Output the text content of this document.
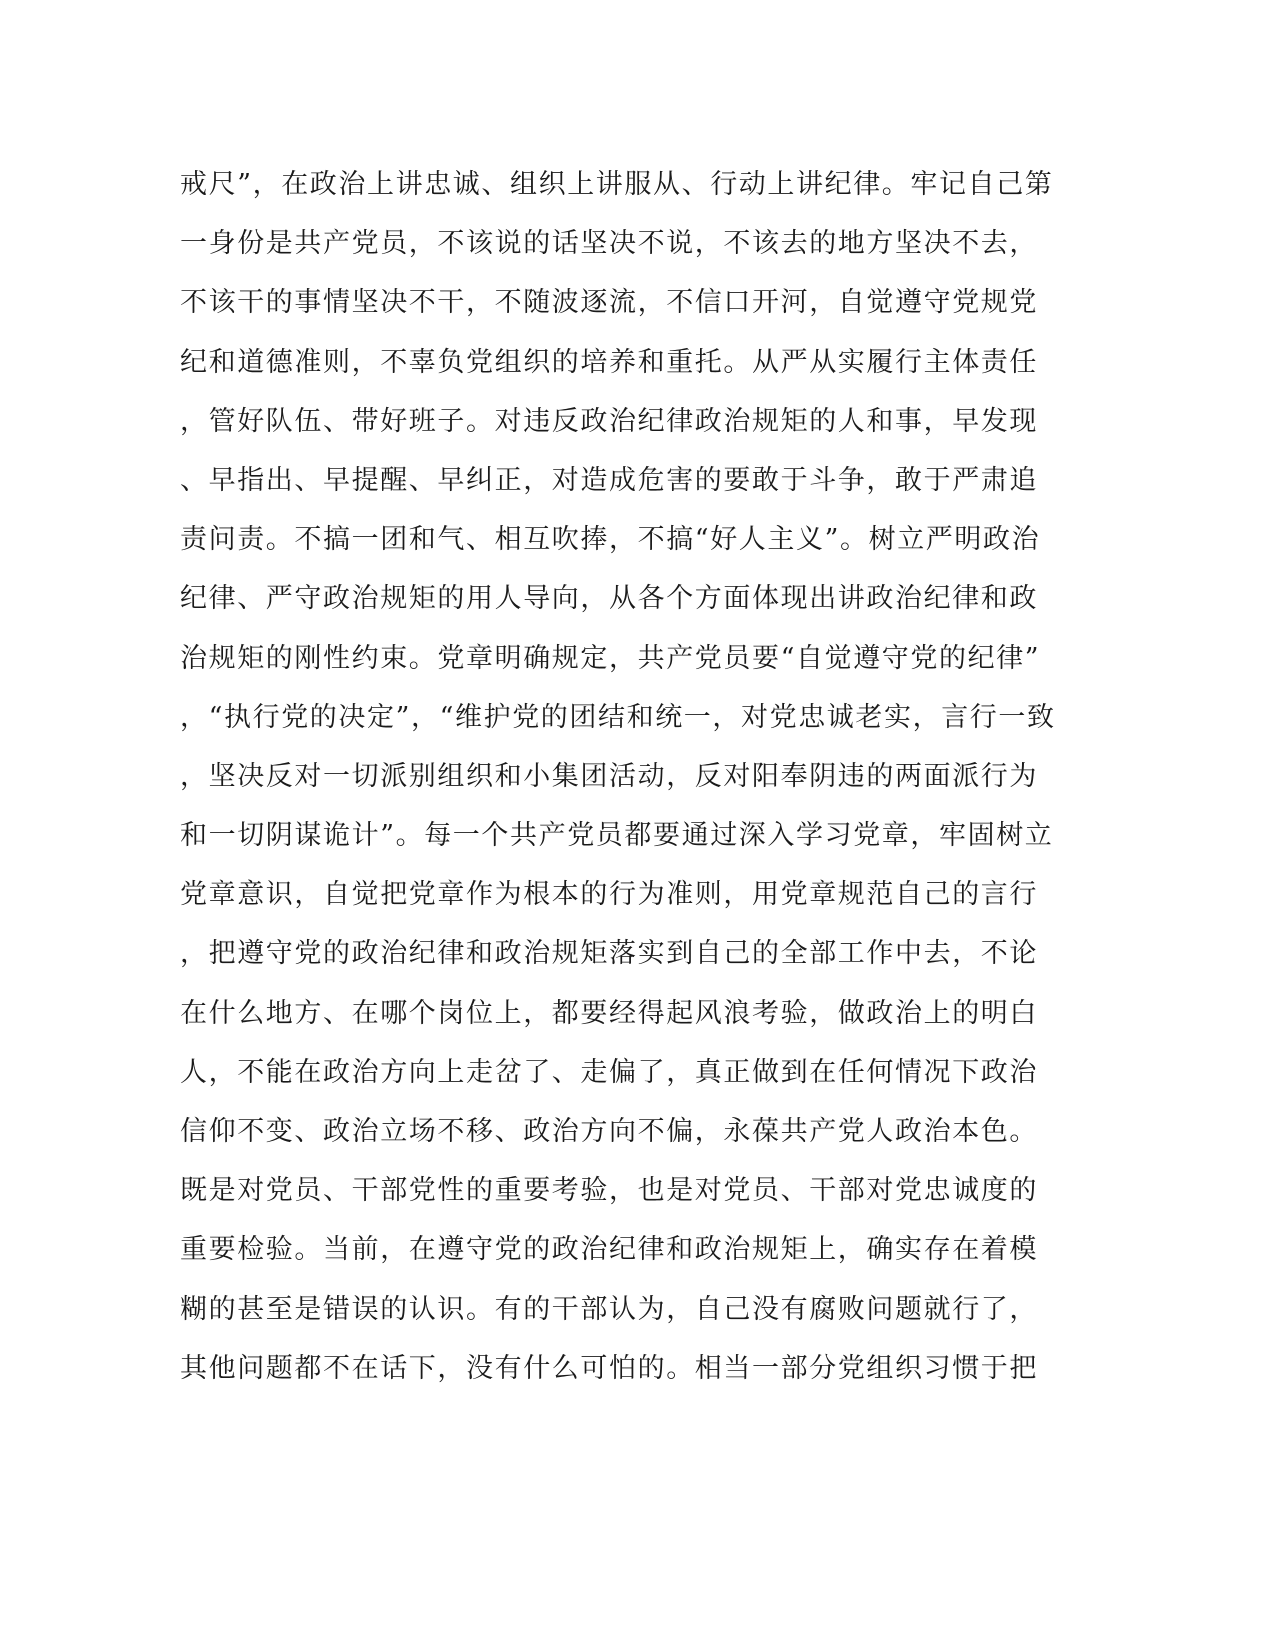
戒尺”，在政治上讲忠诚、组织上讲服从、行动上讲纪律。牢记自己第
一身份是共产党员，不该说的话坚决不说，不该去的地方坚决不去，
不该干的事情坚决不干，不随波逐流，不信口开河，自觉遵守党规党
纪和道德准则，不辜负党组织的培养和重托。从严从实履行主体责任
，管好队伍、带好班子。对违反政治纪律政治规矩的人和事，早发现
、早指出、早提醒、早纠正，对造成危害的要敢于斗争，敢于严肃追
责问责。不搞一团和气、相互吹捧，不搞“好人主义”。树立严明政治
纪律、严守政治规矩的用人导向，从各个方面体现出讲政治纪律和政
治规矩的刚性约束。党章明确规定，共产党员要“自觉遵守党的纪律”
，“执行党的决定”，“维护党的团结和统一，对党忠诚老实，言行一致
，坚决反对一切派别组织和小集团活动，反对阳奉阴违的两面派行为
和一切阴谋诡计”。每一个共产党员都要通过深入学习党章，牢固树立
党章意识，自觉把党章作为根本的行为准则，用党章规范自己的言行
，把遵守党的政治纪律和政治规矩落实到自己的全部工作中去，不论
在什么地方、在哪个岗位上，都要经得起风浪考验，做政治上的明白
人，不能在政治方向上走岔了、走偏了，真正做到在任何情况下政治
信仰不变、政治立场不移、政治方向不偏，永葆共产党人政治本色。
既是对党员、干部党性的重要考验，也是对党员、干部对党忠诚度的
重要检验。当前，在遵守党的政治纪律和政治规矩上，确实存在着模
糊的甚至是错误的认识。有的干部认为，自己没有腐败问题就行了，
其他问题都不在话下，没有什么可怕的。相当一部分党组织习惯于把
